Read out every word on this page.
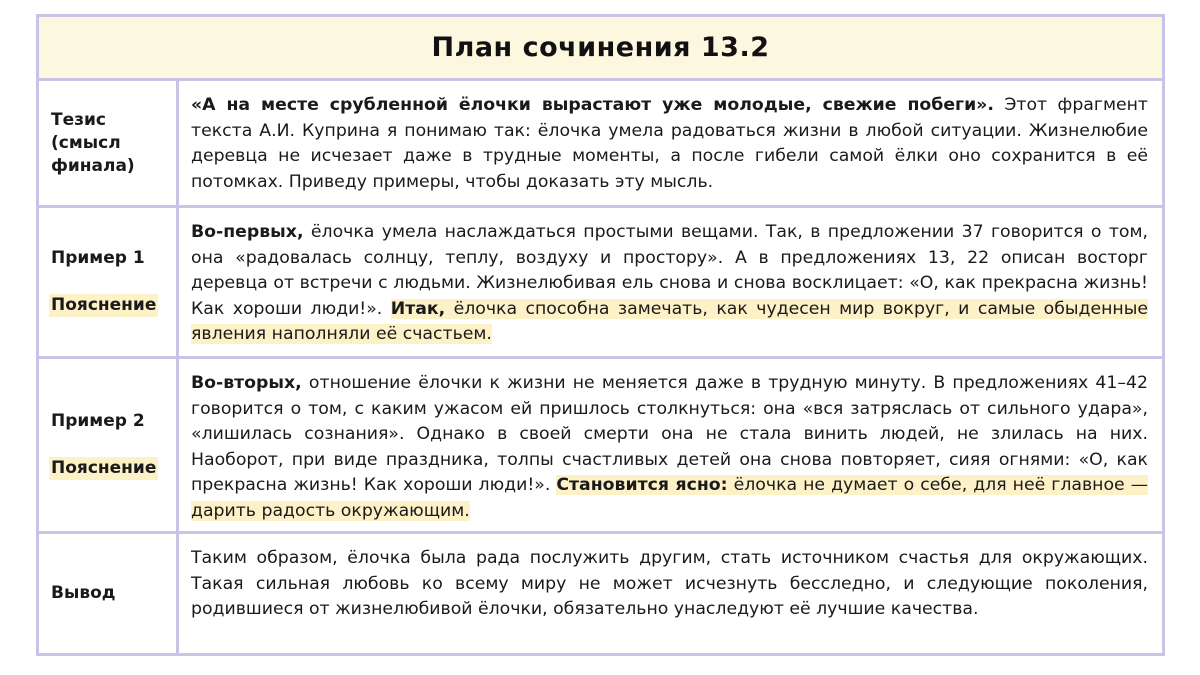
План сочинения 13.2
Тезис (смысл финала)
«А на месте срубленной ёлочки вырастают уже молодые, свежие побеги». Этот фрагмент текста А.И. Куприна я понимаю так: ёлочка умела радоваться жизни в любой ситуации. Жизнелюбие деревца не исчезает даже в трудные моменты, а после гибели самой ёлки оно сохранится в её потомках. Приведу примеры, чтобы доказать эту мысль.
Пример 1
Пояснение
Во-первых, ёлочка умела наслаждаться простыми вещами. Так, в предложении 37 говорится о том, она «радовалась солнцу, теплу, воздуху и простору». А в предложениях 13, 22 описан восторг деревца от встречи с людьми. Жизнелюбивая ель снова и снова восклицает: «О, как прекрасна жизнь! Как хороши люди!». Итак, ёлочка способна замечать, как чудесен мир вокруг, и самые обыденные явления наполняли её счастьем.
Пример 2
Пояснение
Во-вторых, отношение ёлочки к жизни не меняется даже в трудную минуту. В предложениях 41–42 говорится о том, с каким ужасом ей пришлось столкнуться: она «вся затряслась от сильного удара», «лишилась сознания». Однако в своей смерти она не стала винить людей, не злилась на них. Наоборот, при виде праздника, толпы счастливых детей она снова повторяет, сияя огнями: «О, как прекрасна жизнь! Как хороши люди!». Становится ясно: ёлочка не думает о себе, для неё главное — дарить радость окружающим.
Вывод
Таким образом, ёлочка была рада послужить другим, стать источником счастья для окружающих. Такая сильная любовь ко всему миру не может исчезнуть бесследно, и следующие поколения, родившиеся от жизнелюбивой ёлочки, обязательно унаследуют её лучшие качества.
